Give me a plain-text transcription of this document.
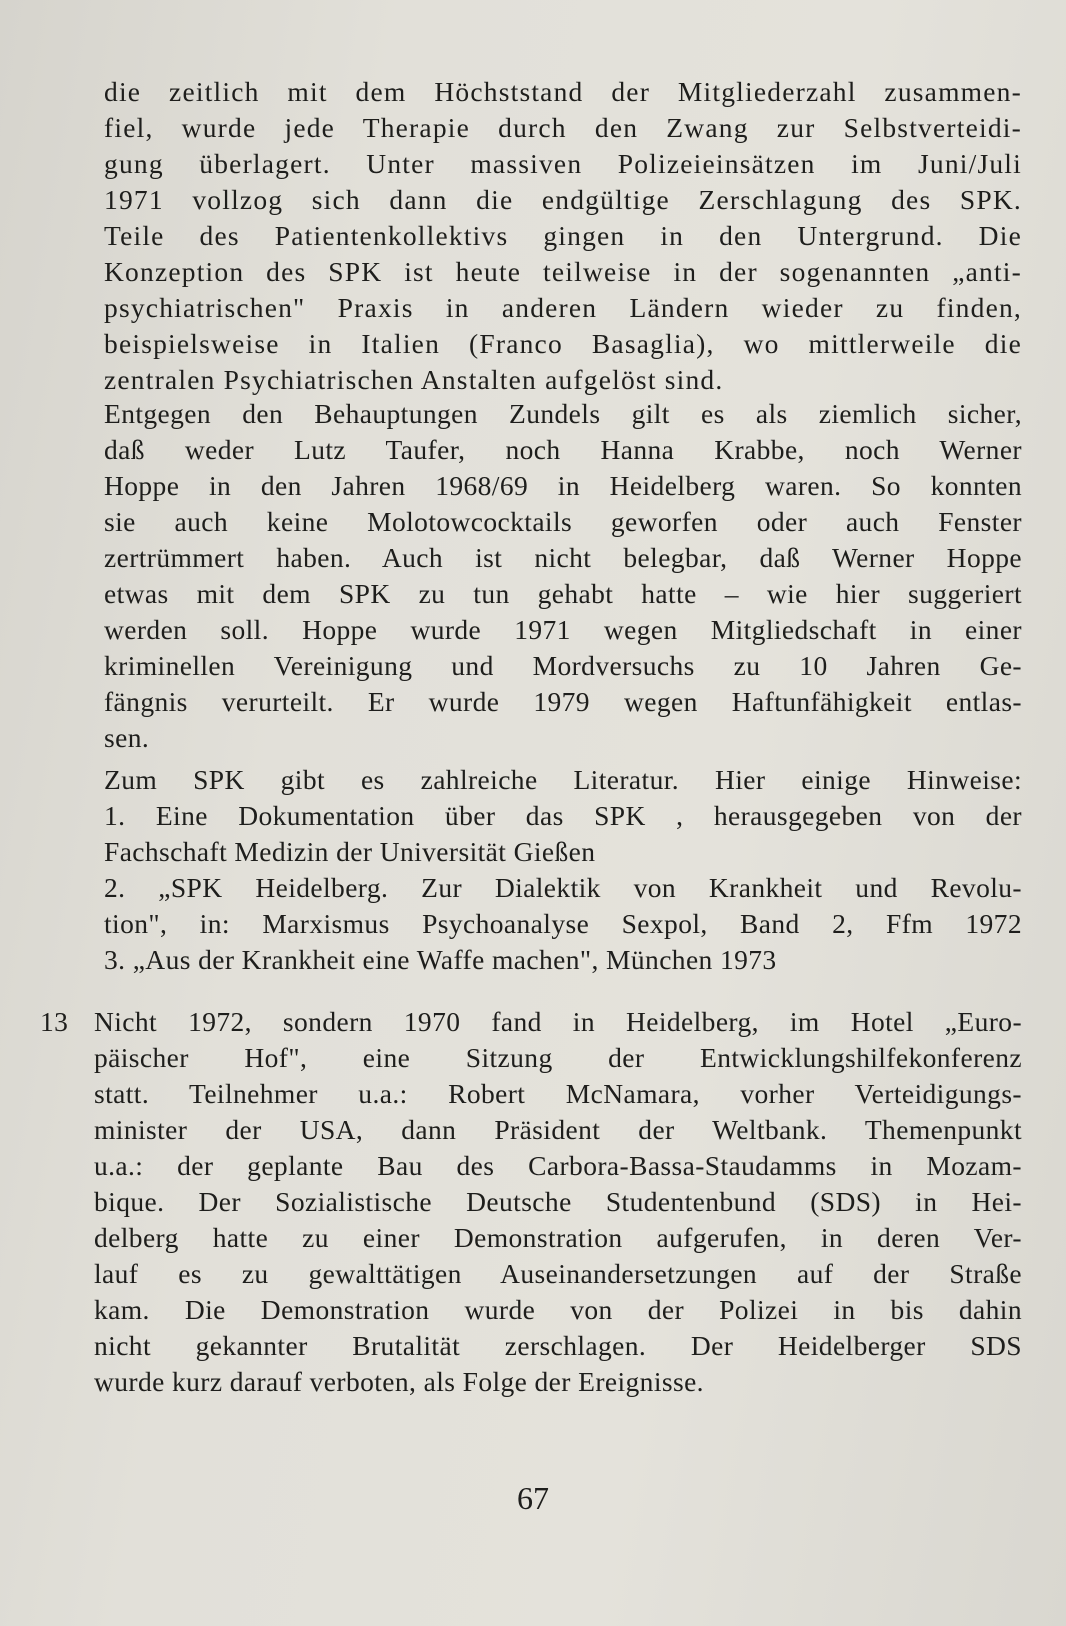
die zeitlich mit dem Höchststand der Mitgliederzahl zusammen-
fiel, wurde jede Therapie durch den Zwang zur Selbstverteidi-
gung überlagert. Unter massiven Polizeieinsätzen im Juni/Juli
1971 vollzog sich dann die endgültige Zerschlagung des SPK.
Teile des Patientenkollektivs gingen in den Untergrund. Die
Konzeption des SPK ist heute teilweise in der sogenannten „anti-
psychiatrischen" Praxis in anderen Ländern wieder zu finden,
beispielsweise in Italien (Franco Basaglia), wo mittlerweile die
zentralen Psychiatrischen Anstalten aufgelöst sind.
Entgegen den Behauptungen Zundels gilt es als ziemlich sicher,
daß weder Lutz Taufer, noch Hanna Krabbe, noch Werner
Hoppe in den Jahren 1968/69 in Heidelberg waren. So konnten
sie auch keine Molotowcocktails geworfen oder auch Fenster
zertrümmert haben. Auch ist nicht belegbar, daß Werner Hoppe
etwas mit dem SPK zu tun gehabt hatte – wie hier suggeriert
werden soll. Hoppe wurde 1971 wegen Mitgliedschaft in einer
kriminellen Vereinigung und Mordversuchs zu 10 Jahren Ge-
fängnis verurteilt. Er wurde 1979 wegen Haftunfähigkeit entlas-
sen.
Zum SPK gibt es zahlreiche Literatur. Hier einige Hinweise:
1. Eine Dokumentation über das SPK , herausgegeben von der
Fachschaft Medizin der Universität Gießen
2. „SPK Heidelberg. Zur Dialektik von Krankheit und Revolu-
tion", in: Marxismus Psychoanalyse Sexpol, Band 2, Ffm 1972
3. „Aus der Krankheit eine Waffe machen", München 1973
13 Nicht 1972, sondern 1970 fand in Heidelberg, im Hotel „Euro-
päischer Hof", eine Sitzung der Entwicklungshilfekonferenz
statt. Teilnehmer u.a.: Robert McNamara, vorher Verteidigungs-
minister der USA, dann Präsident der Weltbank. Themenpunkt
u.a.: der geplante Bau des Carbora-Bassa-Staudamms in Mozam-
bique. Der Sozialistische Deutsche Studentenbund (SDS) in Hei-
delberg hatte zu einer Demonstration aufgerufen, in deren Ver-
lauf es zu gewalttätigen Auseinandersetzungen auf der Straße
kam. Die Demonstration wurde von der Polizei in bis dahin
nicht gekannter Brutalität zerschlagen. Der Heidelberger SDS
wurde kurz darauf verboten, als Folge der Ereignisse.
67
